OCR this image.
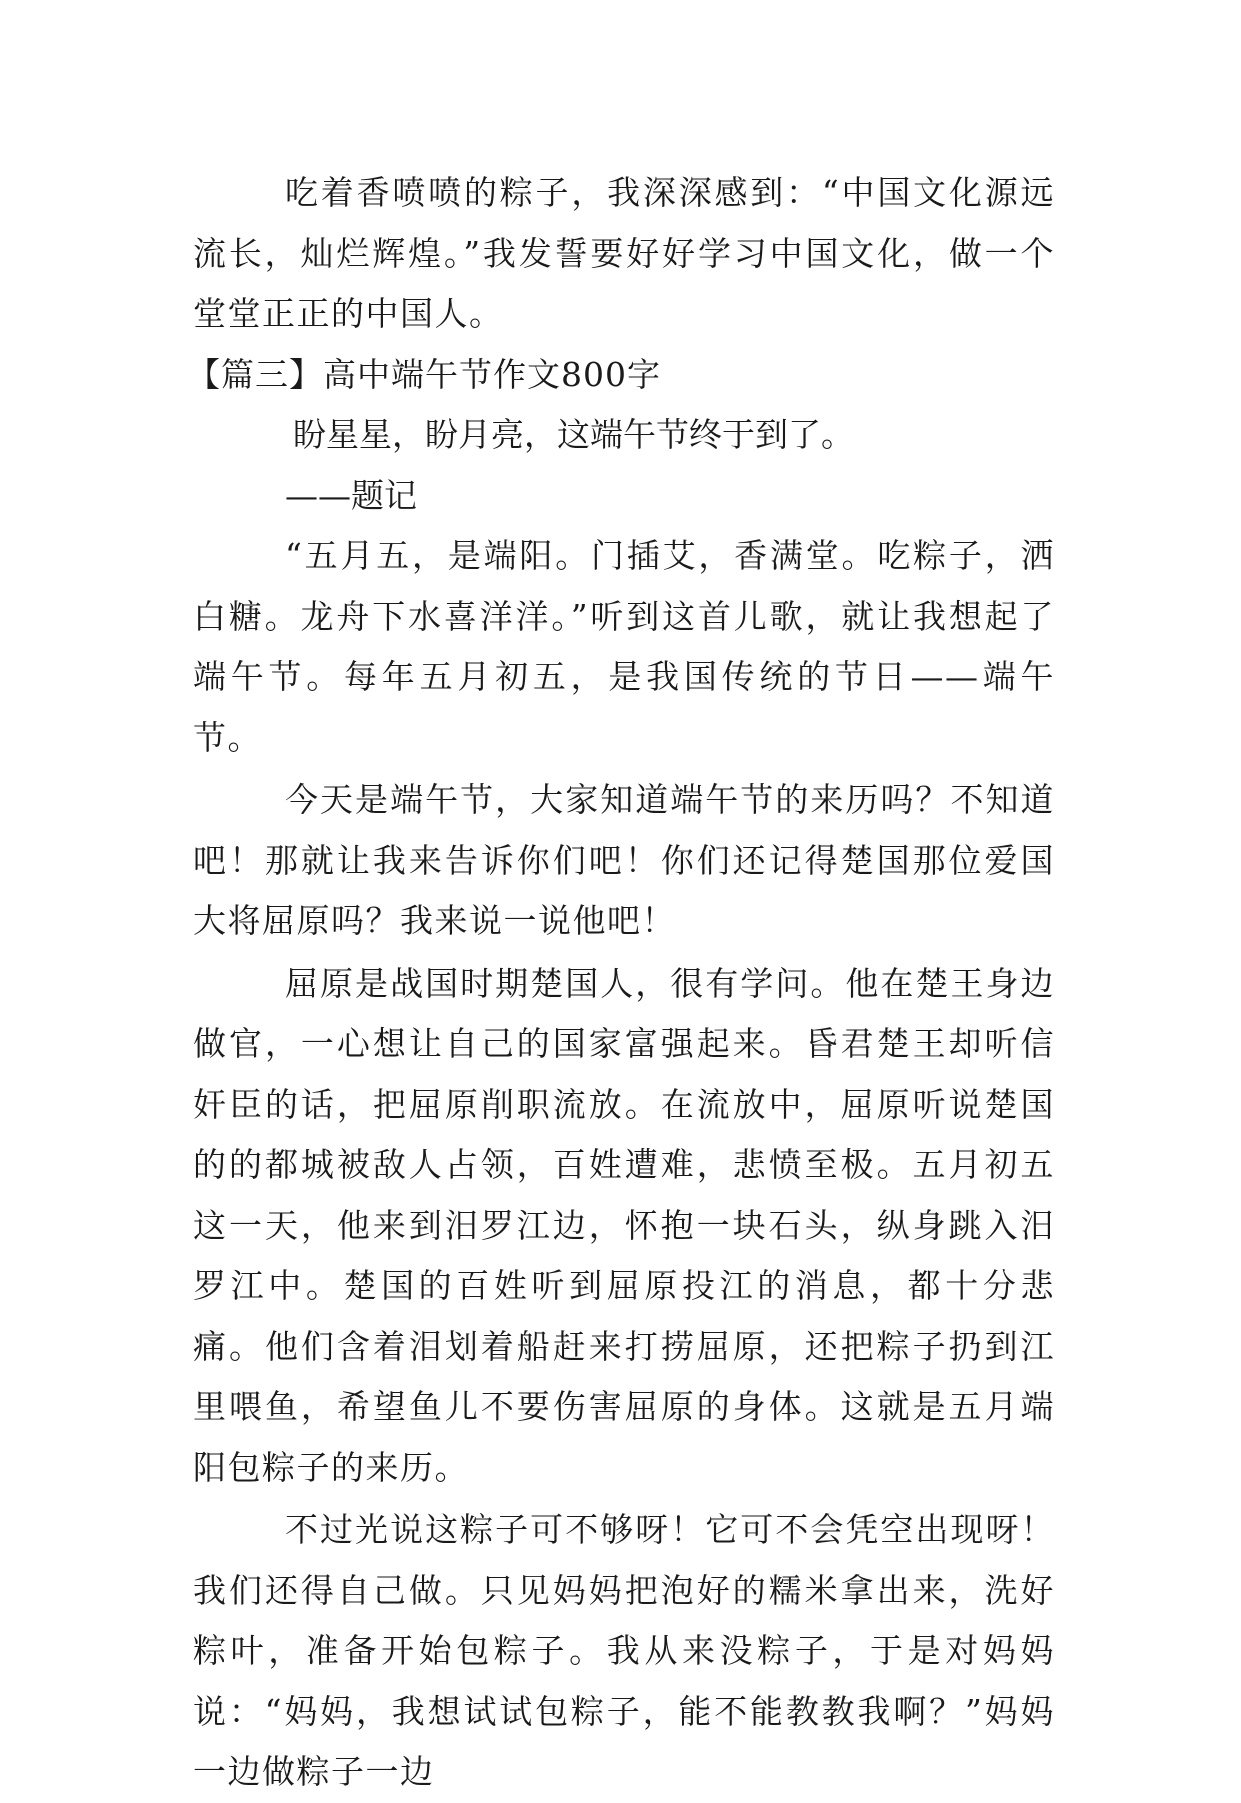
吃着香喷喷的粽子，我深深感到：“中国文化源远流长，灿烂辉煌。”我发誓要好好学习中国文化，做一个堂堂正正的中国人。

【篇三】高中端午节作文800字

盼星星，盼月亮，这端午节终于到了。

——题记

“五月五，是端阳。门插艾，香满堂。吃粽子，洒白糖。龙舟下水喜洋洋。”听到这首儿歌，就让我想起了端午节。每年五月初五，是我国传统的节日——端午节。

今天是端午节，大家知道端午节的来历吗？不知道吧！那就让我来告诉你们吧！你们还记得楚国那位爱国大将屈原吗？我来说一说他吧！

屈原是战国时期楚国人，很有学问。他在楚王身边做官，一心想让自己的国家富强起来。昏君楚王却听信奸臣的话，把屈原削职流放。在流放中，屈原听说楚国的的都城被敌人占领，百姓遭难，悲愤至极。五月初五这一天，他来到汨罗江边，怀抱一块石头，纵身跳入汨罗江中。楚国的百姓听到屈原投江的消息，都十分悲痛。他们含着泪划着船赶来打捞屈原，还把粽子扔到江里喂鱼，希望鱼儿不要伤害屈原的身体。这就是五月端阳包粽子的来历。

不过光说这粽子可不够呀！它可不会凭空出现呀！我们还得自己做。只见妈妈把泡好的糯米拿出来，洗好粽叶，准备开始包粽子。我从来没粽子，于是对妈妈说：“妈妈，我想试试包粽子，能不能教教我啊？”妈妈一边做粽子一边
